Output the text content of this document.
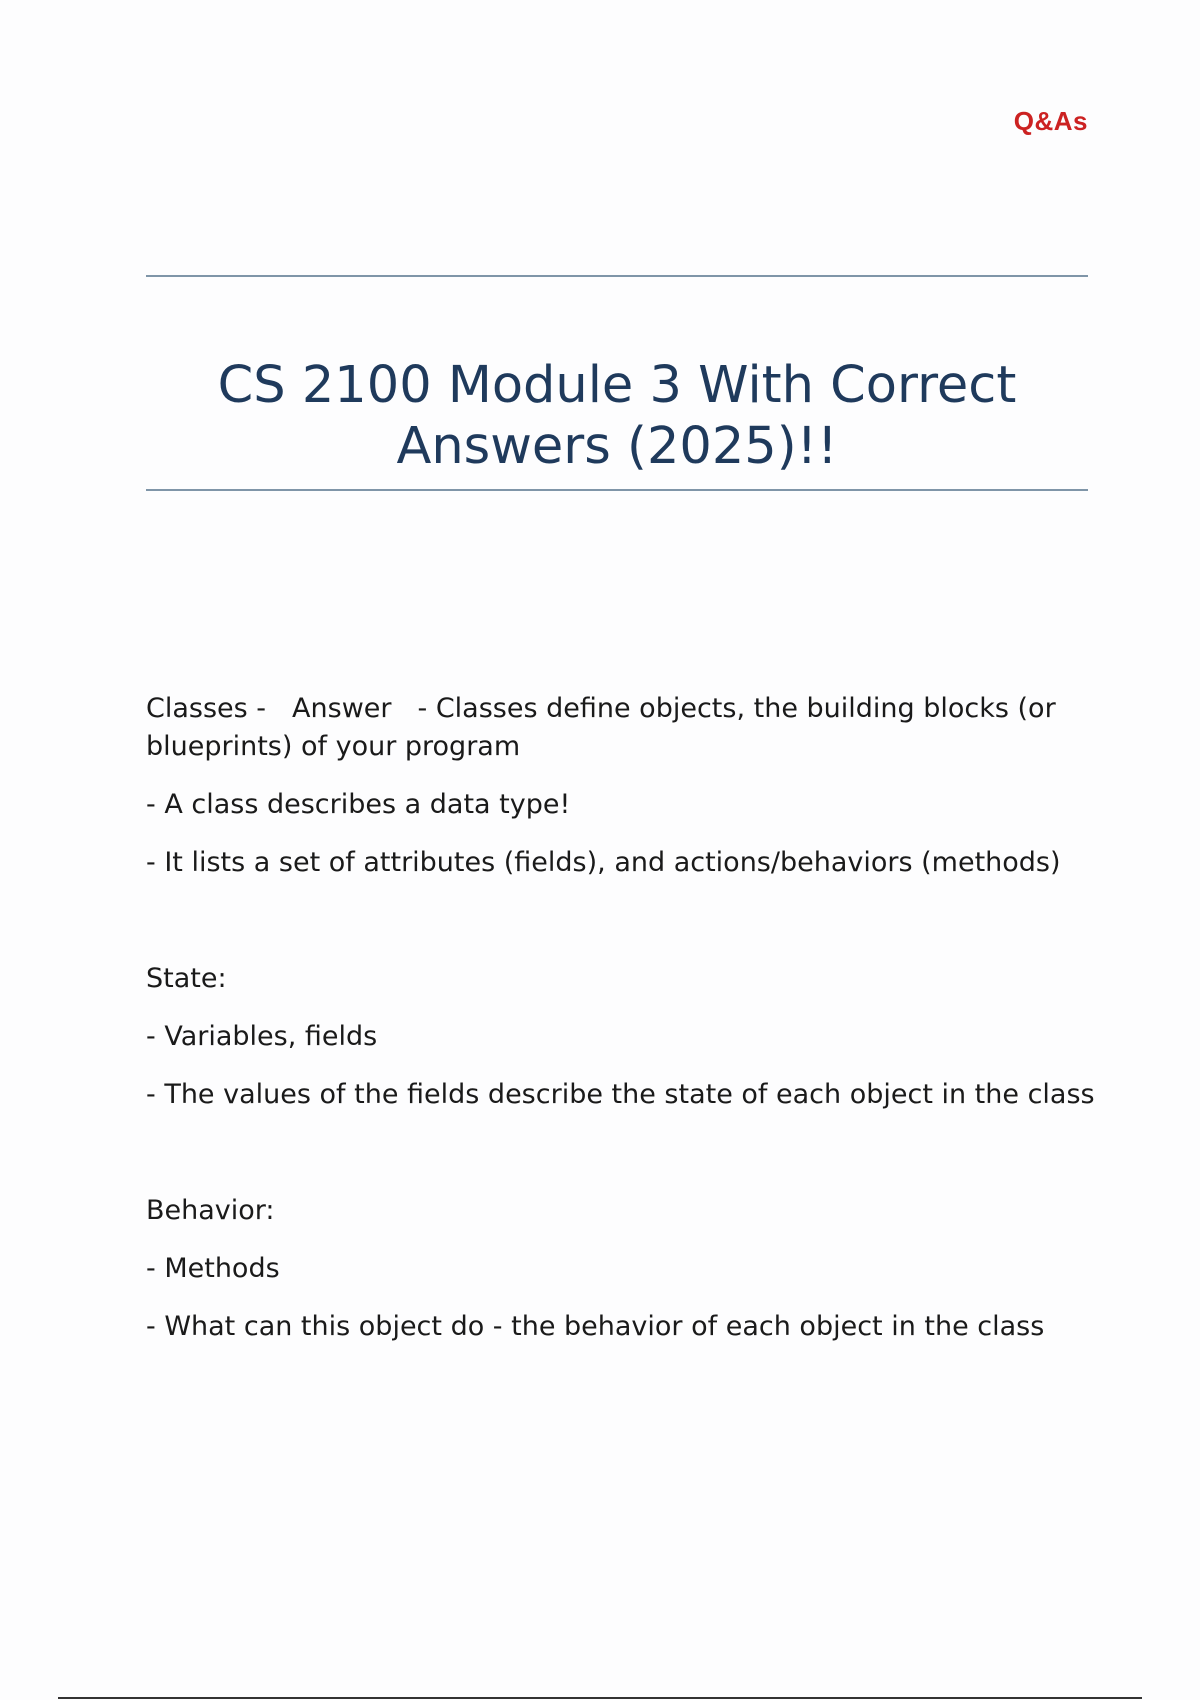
Q&As
CS 2100 Module 3 With Correct Answers (2025)!!

Classes - Answer - Classes define objects, the building blocks (or blueprints) of your program

- A class describes a data type!

- It lists a set of attributes (fields), and actions/behaviors (methods)

State:

- Variables, fields

- The values of the fields describe the state of each object in the class

Behavior:

- Methods

- What can this object do - the behavior of each object in the class
